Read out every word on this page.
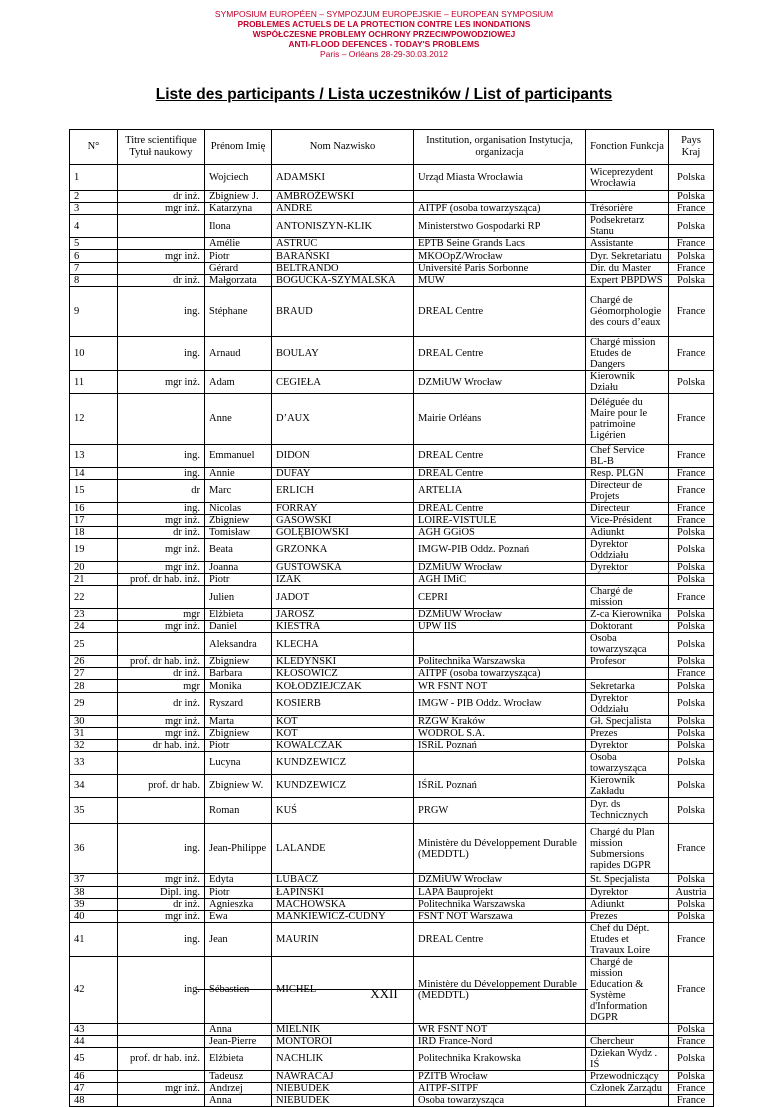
SYMPOSIUM EUROPÉEN – SYMPOZJUM EUROPEJSKIE – EUROPEAN SYMPOSIUM
PROBLEMES ACTUELS DE LA PROTECTION CONTRE LES INONDATIONS
WSPÓŁCZESNE PROBLEMY OCHRONY PRZECIWPOWODZIOWEJ
ANTI-FLOOD DEFENCES - TODAY'S PROBLEMS
Paris – Orléans 28-29-30.03.2012
Liste des participants / Lista uczestników / List of participants
N°	Titre scientifique Tytuł naukowy	Prénom Imię	Nom Nazwisko	Institution, organisation Instytucja, organizacja	Fonction Funkcja	Pays Kraj
1		Wojciech	ADAMSKI	Urząd Miasta Wrocławia	Wiceprezydent Wrocławia	Polska
2	dr inż.	Zbigniew J.	AMBROŻEWSKI			Polska
3	mgr inż.	Katarzyna	ANDRE	AITPF (osoba towarzysząca)	Trésorière	France
4		Ilona	ANTONISZYN-KLIK	Ministerstwo Gospodarki RP	Podsekretarz Stanu	Polska
5		Amélie	ASTRUC	EPTB Seine Grands Lacs	Assistante	France
6	mgr inż.	Piotr	BARAŃSKI	MKOOpZ/Wrocław	Dyr. Sekretariatu	Polska
7		Gérard	BELTRANDO	Université Paris Sorbonne	Dir. du Master	France
8	dr inż.	Małgorzata	BOGUCKA-SZYMALSKA	MUW	Expert PBPDWŚ	Polska
9	ing.	Stéphane	BRAUD	DREAL Centre	Chargé de Géomorphologie des cours d’eaux	France
10	ing.	Arnaud	BOULAY	DREAL Centre	Chargé mission Etudes de Dangers	France
11	mgr inż.	Adam	CEGIEŁA	DZMiUW Wrocław	Kierownik Działu	Polska
12		Anne	D’AUX	Mairie Orléans	Déléguée du Maire pour le patrimoine Ligérien	France
13	ing.	Emmanuel	DIDON	DREAL Centre	Chef Service BL-B	France
14	ing.	Annie	DUFAY	DREAL Centre	Resp. PLGN	France
15	dr	Marc	ERLICH	ARTELIA	Directeur de Projets	France
16	ing.	Nicolas	FORRAY	DREAL Centre	Directeur	France
17	mgr inż.	Zbigniew	GASOWSKI	LOIRE-VISTULE	Vice-Président	France
18	dr inż.	Tomisław	GOLĘBIOWSKI	AGH GGiOŚ	Adiunkt	Polska
19	mgr inż.	Beata	GRZONKA	IMGW-PIB Oddz. Poznań	Dyrektor Oddziału	Polska
20	mgr inż.	Joanna	GUSTOWSKA	DZMiUW Wrocław	Dyrektor	Polska
21	prof. dr hab. inż.	Piotr	IZAK	AGH IMiC		Polska
22		Julien	JADOT	CEPRI	Chargé de mission	France
23	mgr	Elżbieta	JAROSZ	DZMiUW Wrocław	Z-ca Kierownika	Polska
24	mgr inż.	Daniel	KIESTRA	UPW IIŚ	Doktorant	Polska
25		Aleksandra	KLECHA		Osoba towarzysząca	Polska
26	prof. dr hab. inż.	Zbigniew	KLEDYŃSKI	Politechnika Warszawska	Profesor	Polska
27	dr inż.	Barbara	KŁOSOWICZ	AITPF (osoba towarzysząca)		France
28	mgr	Monika	KOŁODZIEJCZAK	WR FSNT NOT	Sekretarka	Polska
29	dr inż.	Ryszard	KOSIERB	IMGW - PIB Oddz. Wrocław	Dyrektor Oddziału	Polska
30	mgr inż.	Marta	KOT	RZGW Kraków	Gł. Specjalista	Polska
31	mgr inż.	Zbigniew	KOT	WODROL S.A.	Prezes	Polska
32	dr hab. inż.	Piotr	KOWALCZAK	IŚRiL Poznań	Dyrektor	Polska
33		Lucyna	KUNDZEWICZ		Osoba towarzysząca	Polska
34	prof. dr hab.	Zbigniew W.	KUNDZEWICZ	IŚRiL Poznań	Kierownik Zakładu	Polska
35		Roman	KUŚ	PRGW	Dyr. ds Technicznych	Polska
36	ing.	Jean-Philippe	LALANDE	Ministère du Développement Durable (MEDDTL)	Chargé du Plan mission Submersions rapides DGPR	France
37	mgr inż.	Edyta	LUBACZ	DZMiUW Wrocław	St. Specjalista	Polska
38	Dipl. ing.	Piotr	ŁAPIŃSKI	LAPA Bauprojekt	Dyrektor	Austria
39	dr inż.	Agnieszka	MACHOWSKA	Politechnika Warszawska	Adiunkt	Polska
40	mgr inż.	Ewa	MAŃKIEWICZ-CUDNY	FSNT NOT Warszawa	Prezes	Polska
41	ing.	Jean	MAURIN	DREAL Centre	Chef du Dépt. Etudes et Travaux Loire	France
42	ing.	Sébastien	MICHEL	Ministère du Développement Durable (MEDDTL)	Chargé de mission Education & Système d'Information DGPR	France
43		Anna	MIELNIK	WR FSNT NOT		Polska
44		Jean-Pierre	MONTOROI	IRD France-Nord	Chercheur	France
45	prof. dr hab. inż.	Elżbieta	NACHLIK	Politechnika Krakowska	Dziekan Wydz . IŚ	Polska
46		Tadeusz	NAWRACAJ	PZITB Wrocław	Przewodniczący	Polska
47	mgr inż.	Andrzej	NIEBUDEK	AITPF-SITPF	Członek Zarządu	France
48		Anna	NIEBUDEK	Osoba towarzysząca		France
XXII
